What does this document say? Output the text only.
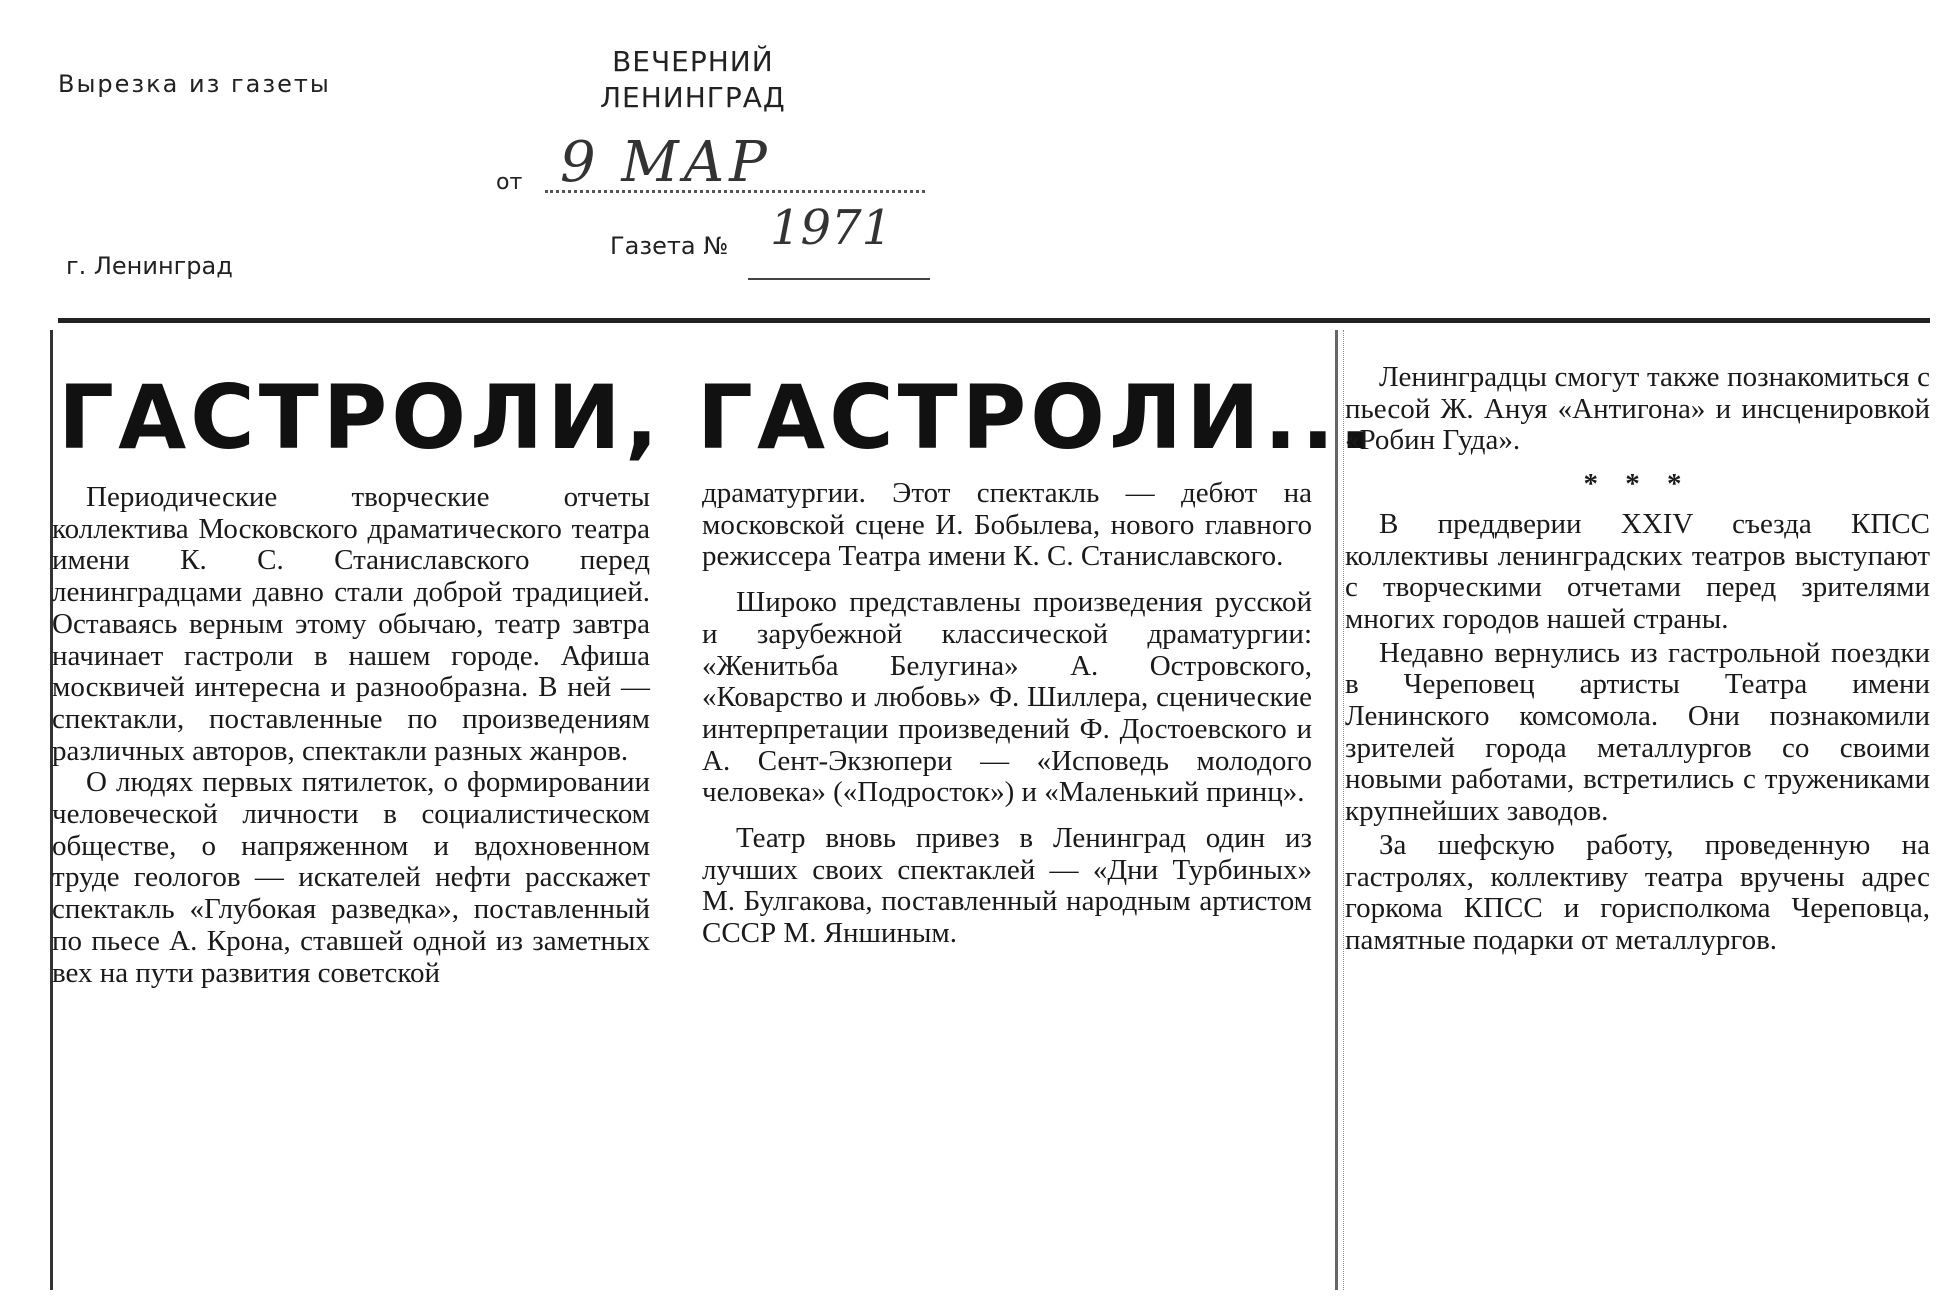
Вырезка из газеты
ВЕЧЕРНИЙ
ЛЕНИНГРАД
от 9 МАР
Газета № 1971
г. Ленинград
ГАСТРОЛИ, ГАСТРОЛИ...

Периодические творческие отчеты коллектива Московского драматического театра имени К. С. Станиславского перед ленинградцами давно стали доброй традицией. Оставаясь верным этому обычаю, театр завтра начинает гастроли в нашем городе. Афиша москвичей интересна и разнообразна. В ней — спектакли, поставленные по произведениям различных авторов, спектакли разных жанров.

О людях первых пятилеток, о формировании человеческой личности в социалистическом обществе, о напряженном и вдохновенном труде геологов — искателей нефти расскажет спектакль «Глубокая разведка», поставленный по пьесе А. Крона, ставшей одной из заметных вех на пути развития советской

драматургии. Этот спектакль — дебют на московской сцене И. Бобылева, нового главного режиссера Театра имени К. С. Станиславского.

Широко представлены произведения русской и зарубежной классической драматургии: «Женитьба Белугина» А. Островского, «Коварство и любовь» Ф. Шиллера, сценические интерпретации произведений Ф. Достоевского и А. Сент-Экзюпери — «Исповедь молодого человека» («Подросток») и «Маленький принц».

Театр вновь привез в Ленинград один из лучших своих спектаклей — «Дни Турбиных» М. Булгакова, поставленный народным артистом СССР М. Яншиным.

Ленинградцы смогут также познакомиться с пьесой Ж. Ануя «Антигона» и инсценировкой «Робин Гуда».

* * *

В преддверии XXIV съезда КПСС коллективы ленинградских театров выступают с творческими отчетами перед зрителями многих городов нашей страны.

Недавно вернулись из гастрольной поездки в Череповец артисты Театра имени Ленинского комсомола. Они познакомили зрителей города металлургов со своими новыми работами, встретились с тружениками крупнейших заводов.

За шефскую работу, проведенную на гастролях, коллективу театра вручены адрес горкома КПСС и горисполкома Череповца, памятные подарки от металлургов.
